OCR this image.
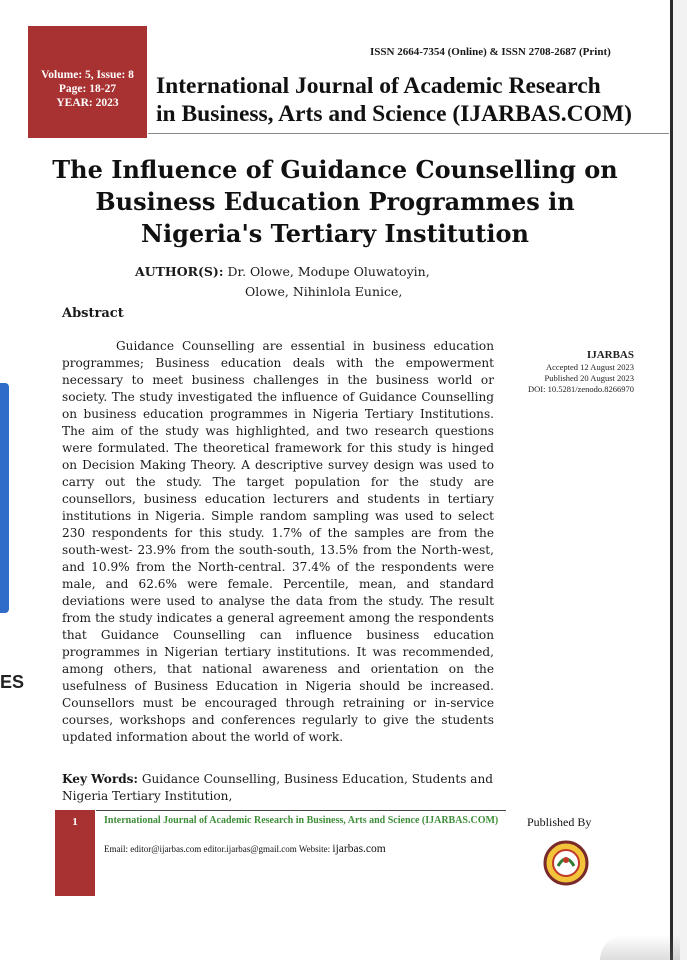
ES
Volume: 5, Issue: 8
Page: 18-27
YEAR: 2023
ISSN 2664-7354 (Online) & ISSN 2708-2687 (Print)
International Journal of Academic Research
in Business, Arts and Science (IJARBAS.COM)
The Influence of Guidance Counselling on
Business Education Programmes in
Nigeria's Tertiary Institution
AUTHOR(S): Dr. Olowe, Modupe Oluwatoyin,
Olowe, Nihinlola Eunice,
Abstract

Guidance Counselling are essential in business education programmes; Business education deals with the empowerment necessary to meet business challenges in the business world or society. The study investigated the influence of Guidance Counselling on business education programmes in Nigeria Tertiary Institutions. The aim of the study was highlighted, and two research questions were formulated. The theoretical framework for this study is hinged on Decision Making Theory. A descriptive survey design was used to carry out the study. The target population for the study are counsellors, business education lecturers and students in tertiary institutions in Nigeria. Simple random sampling was used to select 230 respondents for this study. 1.7% of the samples are from the south-west- 23.9% from the south-south, 13.5% from the North-west, and 10.9% from the North-central. 37.4% of the respondents were male, and 62.6% were female. Percentile, mean, and standard deviations were used to analyse the data from the study. The result from the study indicates a general agreement among the respondents that Guidance Counselling can influence business education programmes in Nigerian tertiary institutions. It was recommended, among others, that national awareness and orientation on the usefulness of Business Education in Nigeria should be increased. Counsellors must be encouraged through retraining or in-service courses, workshops and conferences regularly to give the students updated information about the world of work.

Key Words: Guidance Counselling, Business Education, Students and Nigeria Tertiary Institution,

IJARBAS
Accepted 12 August 2023
Published 20 August 2023
DOI: 10.5281/zenodo.8266970
1	International Journal of Academic Research in Business, Arts and Science (IJARBAS.COM)
Email: editor@ijarbas.com editor.ijarbas@gmail.com Website: ijarbas.com
Published By
